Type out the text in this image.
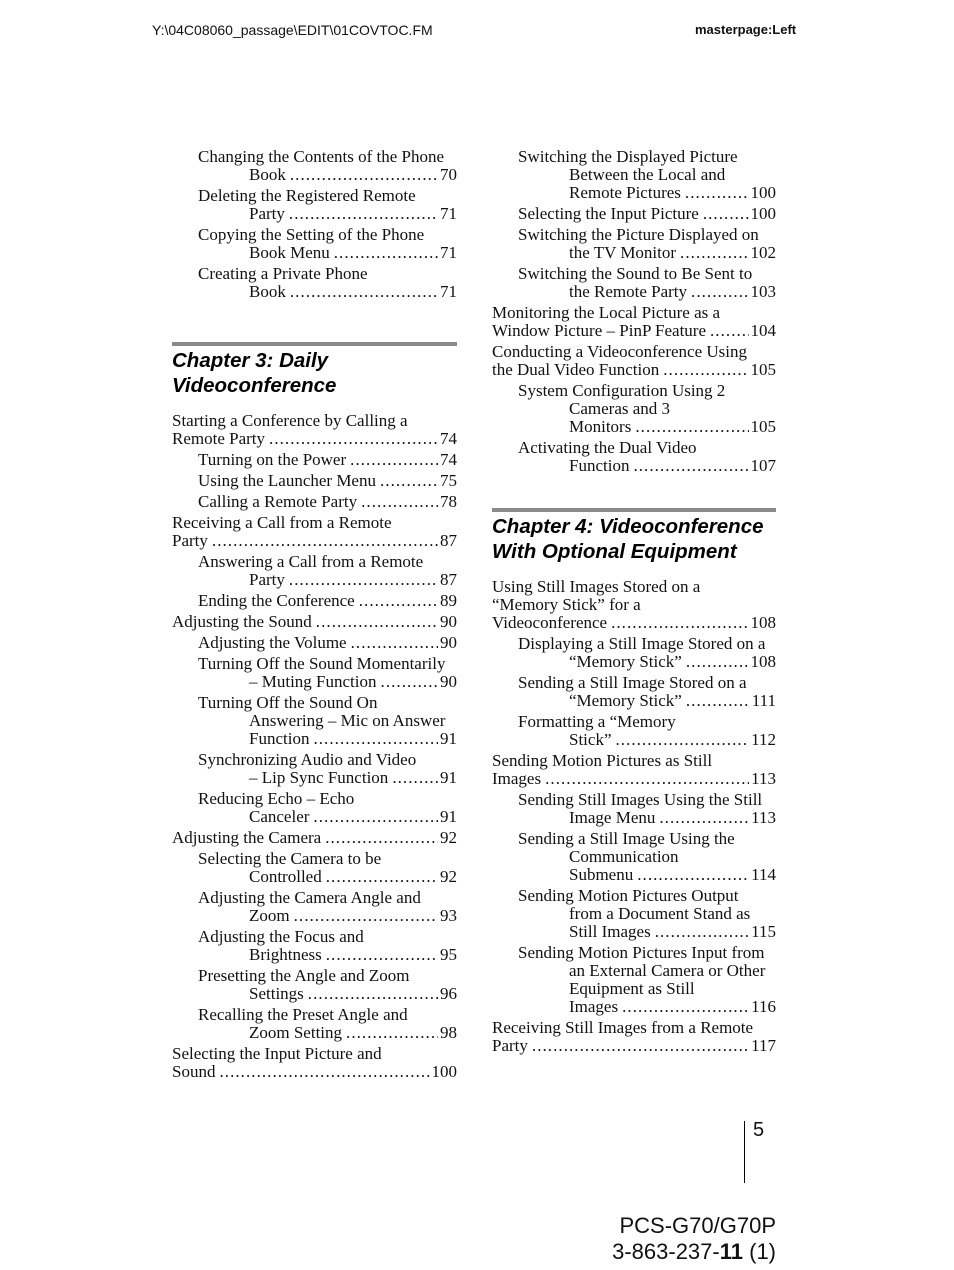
Y:\04C08060_passage\EDIT\01COVTOC.FM	masterpage:Left
Changing the Contents of the Phone
Book . . .	70
Deleting the Registered Remote
Party . . .	71
Copying the Setting of the Phone
Book Menu . . .	71
Creating a Private Phone
Book . . .	71
Chapter 3: Daily
Videoconference
Starting a Conference by Calling a
Remote Party . . .	74
Turning on the Power . . .	74
Using the Launcher Menu . . .	75
Calling a Remote Party . . .	78
Receiving a Call from a Remote
Party . . .	87
Answering a Call from a Remote
Party . . .	87
Ending the Conference . . .	89
Adjusting the Sound . . .	90
Adjusting the Volume . . .	90
Turning Off the Sound Momentarily
– Muting Function . . .	90
Turning Off the Sound On
Answering – Mic on Answer
Function . . .	91
Synchronizing Audio and Video
– Lip Sync Function . . .	91
Reducing Echo – Echo
Canceler . . .	91
Adjusting the Camera . . .	92
Selecting the Camera to be
Controlled . . .	92
Adjusting the Camera Angle and
Zoom . . .	93
Adjusting the Focus and
Brightness . . .	95
Presetting the Angle and Zoom
Settings . . .	96
Recalling the Preset Angle and
Zoom Setting . . .	98
Selecting the Input Picture and
Sound . . .	100
Switching the Displayed Picture
Between the Local and
Remote Pictures . . .	100
Selecting the Input Picture . . .	100
Switching the Picture Displayed on
the TV Monitor . . .	102
Switching the Sound to Be Sent to
the Remote Party . . .	103
Monitoring the Local Picture as a
Window Picture – PinP Feature . . .	104
Conducting a Videoconference Using
the Dual Video Function . . .	105
System Configuration Using 2
Cameras and 3
Monitors . . .	105
Activating the Dual Video
Function . . .	107
Chapter 4: Videoconference
With Optional Equipment
Using Still Images Stored on a
“Memory Stick” for a
Videoconference . . .	108
Displaying a Still Image Stored on a
“Memory Stick” . . .	108
Sending a Still Image Stored on a
“Memory Stick” . . .	111
Formatting a “Memory
Stick” . . .	112
Sending Motion Pictures as Still
Images . . .	113
Sending Still Images Using the Still
Image Menu . . .	113
Sending a Still Image Using the
Communication
Submenu . . .	114
Sending Motion Pictures Output
from a Document Stand as
Still Images . . .	115
Sending Motion Pictures Input from
an External Camera or Other
Equipment as Still
Images . . .	116
Receiving Still Images from a Remote
Party . . .	117
5
PCS-G70/G70P
3-863-237-11 (1)
